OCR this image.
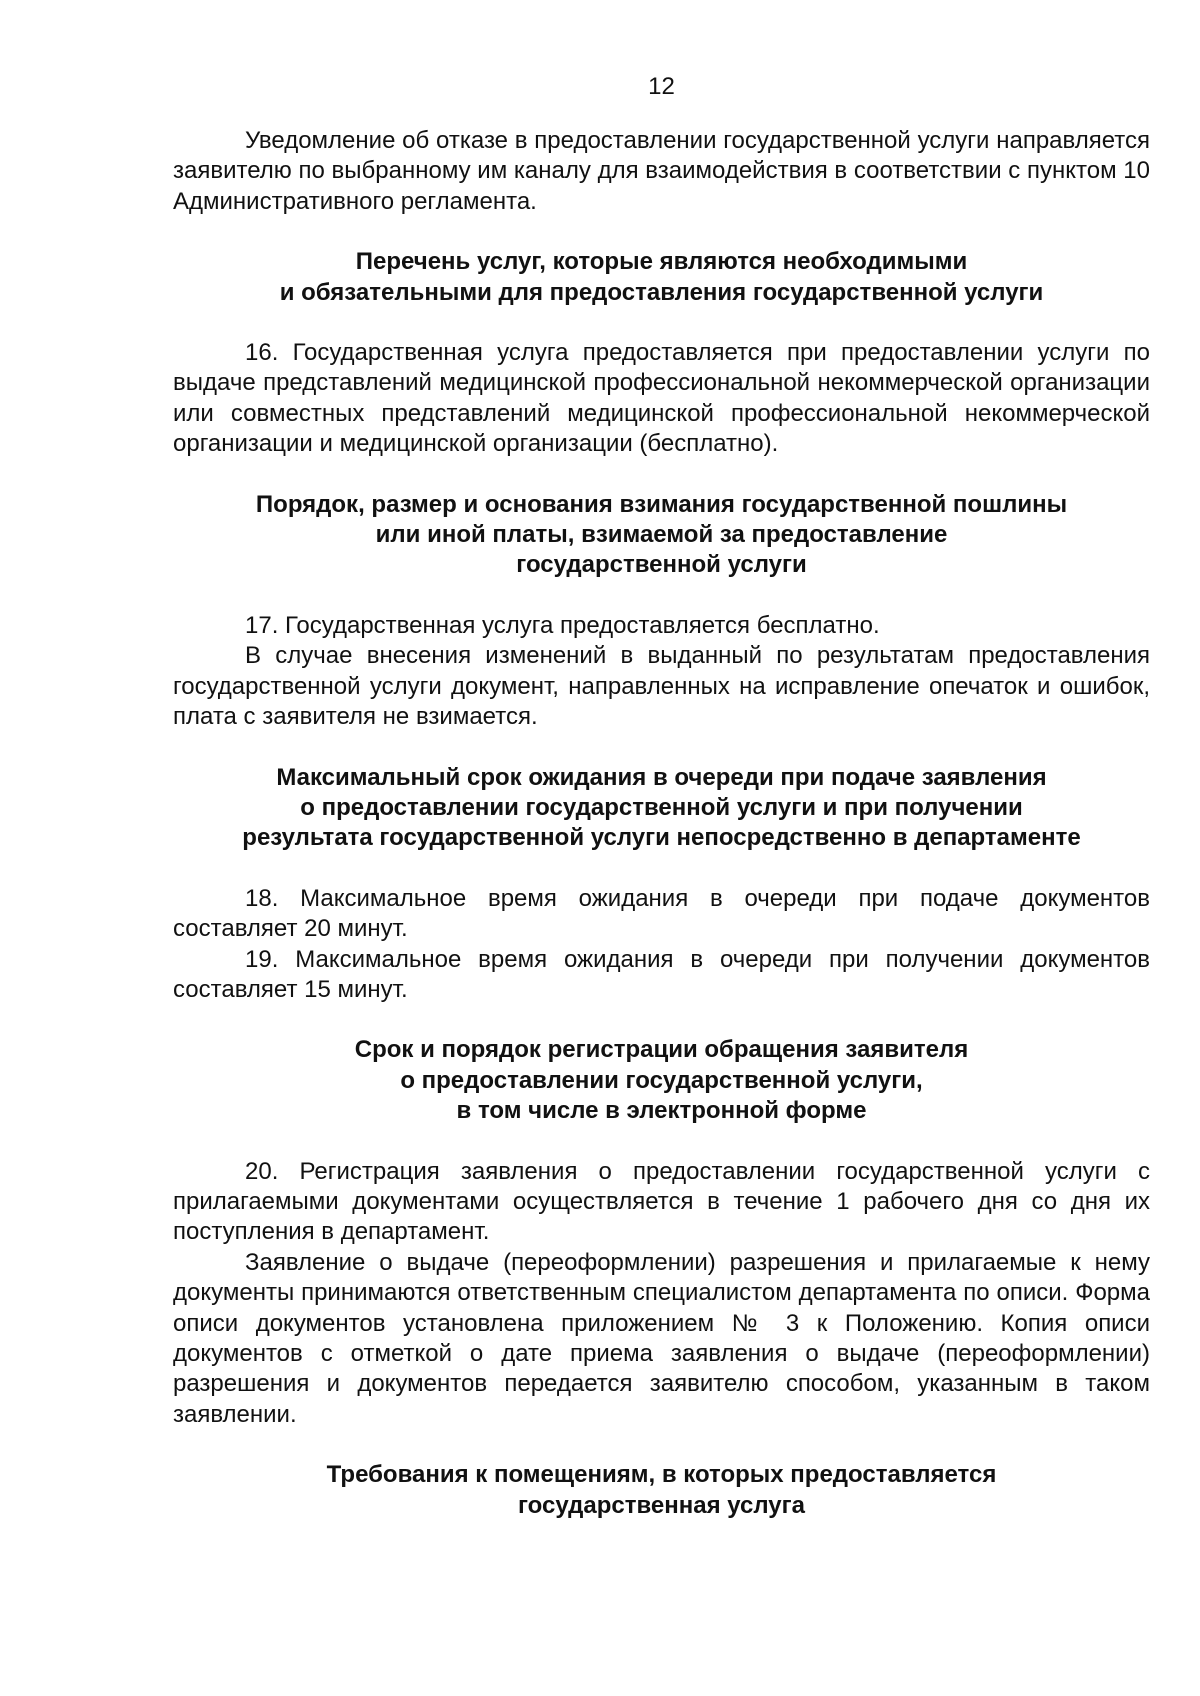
12

Уведомление об отказе в предоставлении государственной услуги направляется заявителю по выбранному им каналу для взаимодействия в соответствии с пунктом 10 Административного регламента.

Перечень услуг, которые являются необходимыми
и обязательными для предоставления государственной услуги

16. Государственная услуга предоставляется при предоставлении услуги по выдаче представлений медицинской профессиональной некоммерческой организации или совместных представлений медицинской профессиональной некоммерческой организации и медицинской организации (бесплатно).

Порядок, размер и основания взимания государственной пошлины
или иной платы, взимаемой за предоставление
государственной услуги

17. Государственная услуга предоставляется бесплатно.

В случае внесения изменений в выданный по результатам предоставления государственной услуги документ, направленных на исправление опечаток и ошибок, плата с заявителя не взимается.

Максимальный срок ожидания в очереди при подаче заявления
о предоставлении государственной услуги и при получении
результата государственной услуги непосредственно в департаменте

18. Максимальное время ожидания в очереди при подаче документов составляет 20 минут.

19. Максимальное время ожидания в очереди при получении документов составляет 15 минут.

Срок и порядок регистрации обращения заявителя
о предоставлении государственной услуги,
в том числе в электронной форме

20. Регистрация заявления о предоставлении государственной услуги с прилагаемыми документами осуществляется в течение 1 рабочего дня со дня их поступления в департамент.

Заявление о выдаче (переоформлении) разрешения и прилагаемые к нему документы принимаются ответственным специалистом департамента по описи. Форма описи документов установлена приложением № 3 к Положению. Копия описи документов с отметкой о дате приема заявления о выдаче (переоформлении) разрешения и документов передается заявителю способом, указанным в таком заявлении.

Требования к помещениям, в которых предоставляется
государственная услуга
